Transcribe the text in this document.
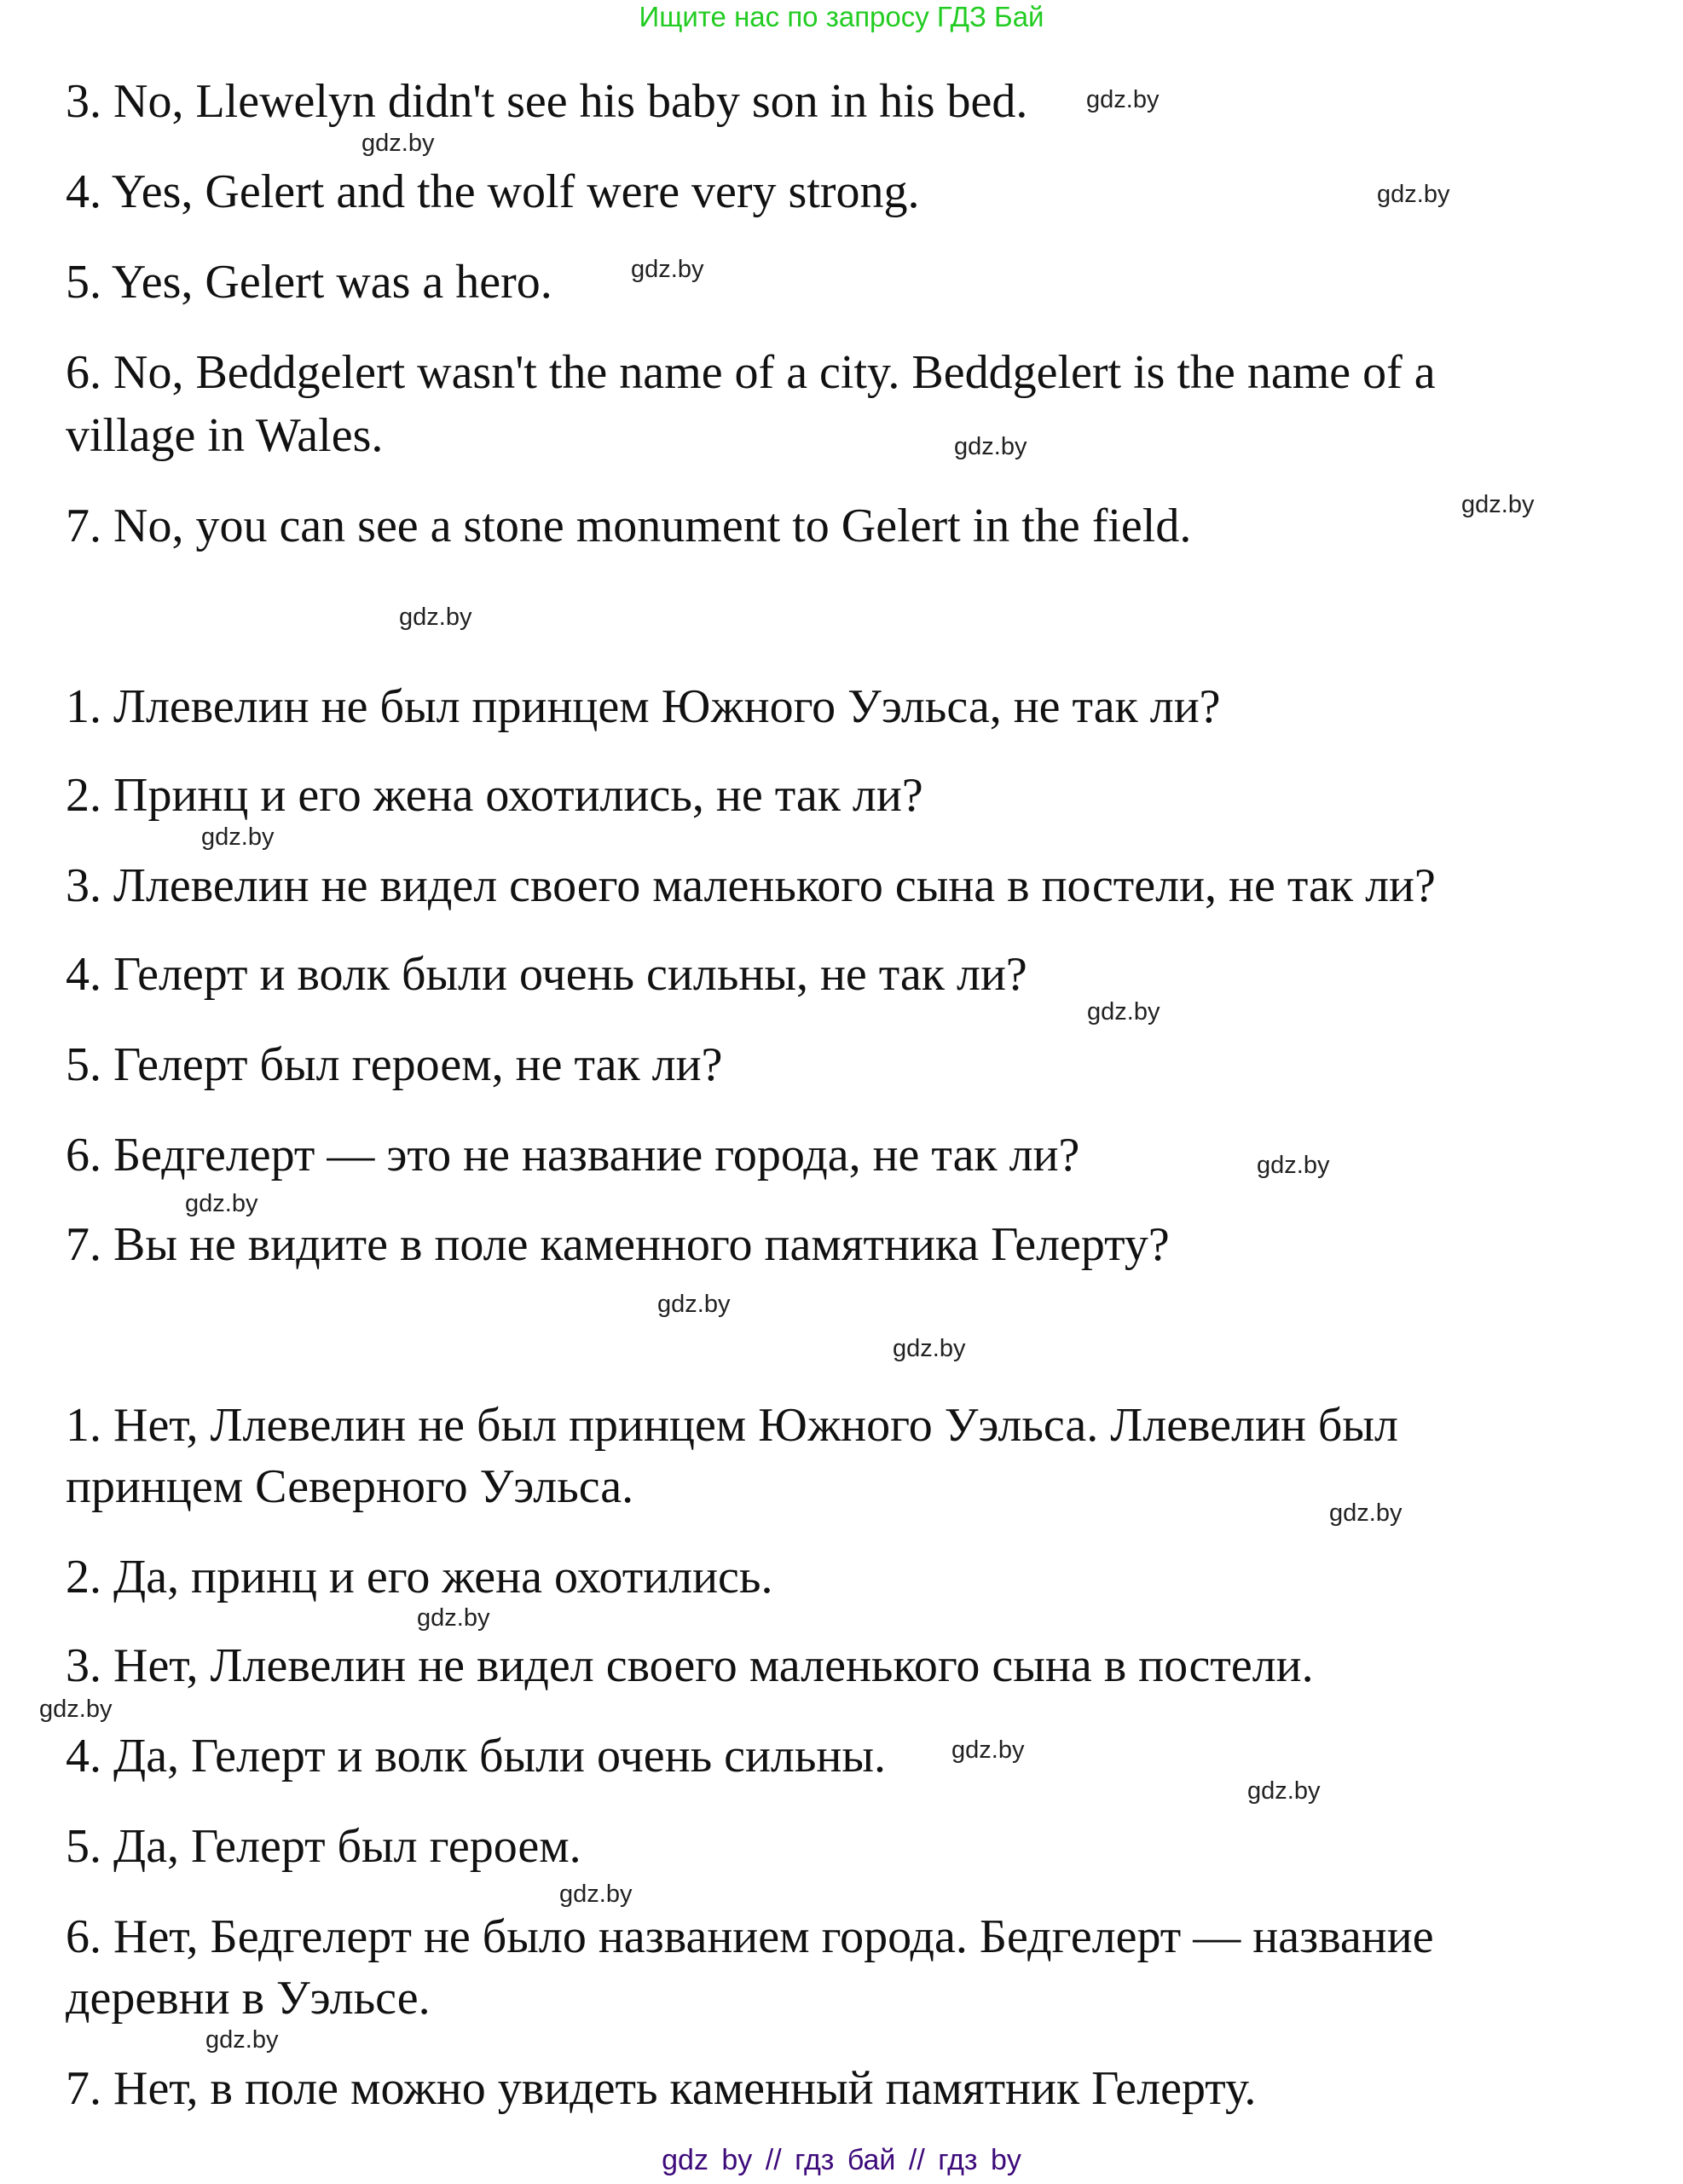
Ищите нас по запросу ГДЗ Бай
3. No, Llewelyn didn't see his baby son in his bed.
4. Yes, Gelert and the wolf were very strong.
5. Yes, Gelert was a hero.
6. No, Beddgelert wasn't the name of a city. Beddgelert is the name of a
village in Wales.
7. No, you can see a stone monument to Gelert in the field.
1. Ллевелин не был принцем Южного Уэльса, не так ли?
2. Принц и его жена охотились, не так ли?
3. Ллевелин не видел своего маленького сына в постели, не так ли?
4. Гелерт и волк были очень сильны, не так ли?
5. Гелерт был героем, не так ли?
6. Бедгелерт — это не название города, не так ли?
7. Вы не видите в поле каменного памятника Гелерту?
1. Нет, Ллевелин не был принцем Южного Уэльса. Ллевелин был
принцем Северного Уэльса.
2. Да, принц и его жена охотились.
3. Нет, Ллевелин не видел своего маленького сына в постели.
4. Да, Гелерт и волк были очень сильны.
5. Да, Гелерт был героем.
6. Нет, Бедгелерт не было названием города. Бедгелерт — название
деревни в Уэльсе.
7. Нет, в поле можно увидеть каменный памятник Гелерту.
gdz.by
gdz.by
gdz.by
gdz.by
gdz.by
gdz.by
gdz.by
gdz.by
gdz.by
gdz.by
gdz.by
gdz.by
gdz.by
gdz.by
gdz.by
gdz.by
gdz.by
gdz.by
gdz.by
gdz.by
gdz by // гдз бай // гдз by
